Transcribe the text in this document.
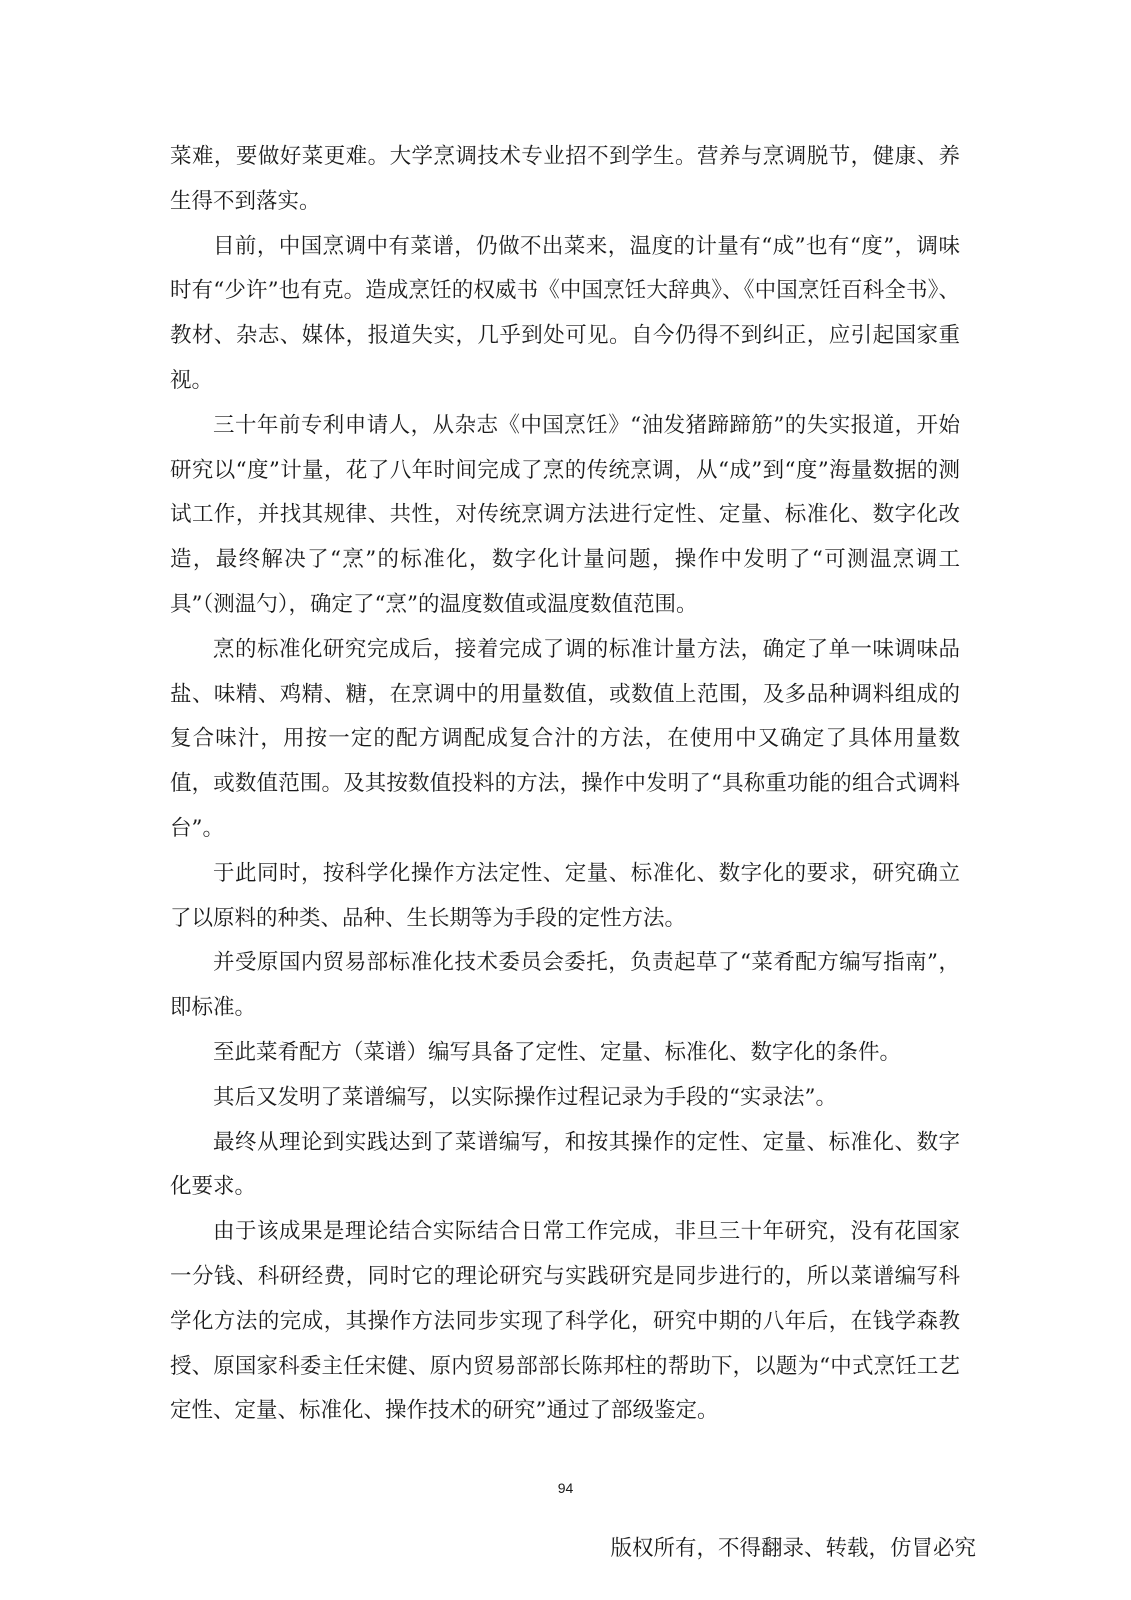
菜难，要做好菜更难。大学烹调技术专业招不到学生。营养与烹调脱节，健康、养生得不到落实。

目前，中国烹调中有菜谱，仍做不出菜来，温度的计量有“成”也有“度”，调味时有“少许”也有克。造成烹饪的权威书《中国烹饪大辞典》、《中国烹饪百科全书》、教材、杂志、媒体，报道失实，几乎到处可见。自今仍得不到纠正，应引起国家重视。

三十年前专利申请人，从杂志《中国烹饪》“油发猪蹄蹄筋”的失实报道，开始研究以“度”计量，花了八年时间完成了烹的传统烹调，从“成”到“度”海量数据的测试工作，并找其规律、共性，对传统烹调方法进行定性、定量、标准化、数字化改造，最终解决了“烹”的标准化，数字化计量问题，操作中发明了“可测温烹调工具”（测温勺），确定了“烹”的温度数值或温度数值范围。

烹的标准化研究完成后，接着完成了调的标准计量方法，确定了单一味调味品盐、味精、鸡精、糖，在烹调中的用量数值，或数值上范围，及多品种调料组成的复合味汁，用按一定的配方调配成复合汁的方法，在使用中又确定了具体用量数值，或数值范围。及其按数值投料的方法，操作中发明了“具称重功能的组合式调料台”。

于此同时，按科学化操作方法定性、定量、标准化、数字化的要求，研究确立了以原料的种类、品种、生长期等为手段的定性方法。

并受原国内贸易部标准化技术委员会委托，负责起草了“菜肴配方编写指南”，即标准。

至此菜肴配方（菜谱）编写具备了定性、定量、标准化、数字化的条件。

其后又发明了菜谱编写，以实际操作过程记录为手段的“实录法”。

最终从理论到实践达到了菜谱编写，和按其操作的定性、定量、标准化、数字化要求。

由于该成果是理论结合实际结合日常工作完成，非旦三十年研究，没有花国家一分钱、科研经费，同时它的理论研究与实践研究是同步进行的，所以菜谱编写科学化方法的完成，其操作方法同步实现了科学化，研究中期的八年后，在钱学森教授、原国家科委主任宋健、原内贸易部部长陈邦柱的帮助下，以题为“中式烹饪工艺定性、定量、标准化、操作技术的研究”通过了部级鉴定。

94
版权所有，不得翻录、转载，仿冒必究
